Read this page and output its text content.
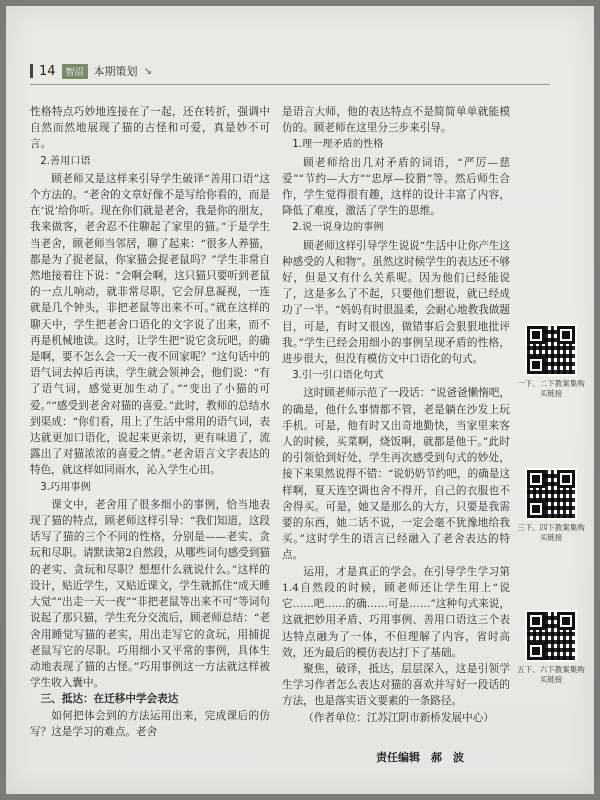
14	智沼 本期策划 ↘

性格特点巧妙地连接在了一起，还在转折，强调中自然而然地展现了猫的古怪和可爱，真是妙不可言。

2.善用口语

顾老师又是这样来引导学生破译“善用口语”这个方法的。“老舍的文章好像不是写给你看的，而是在‘说’给你听。现在你们就是老舍，我是你的朋友，我来做客，老舍忍不住聊起了家里的猫。”于是学生当老舍，顾老师当邻居，聊了起来：“很多人养猫，都是为了捉老鼠，你家猫会捉老鼠吗？”学生非常自然地接着往下说：“会啊会啊，这只猫只要听到老鼠的一点儿响动，就非常尽职，它会屏息凝视，一连就是几个钟头，非把老鼠等出来不可。”就在这样的聊天中，学生把老舍口语化的文字说了出来，而不再是机械地读。这时，让学生把“说它贪玩吧，的确是啊，要不怎么会一天一夜不回家呢？”这句话中的语气词去掉后再读，学生就会领神会，他们说：“有了语气词，感觉更加生动了。”“变出了小猫的可爱。”“感受到老舍对猫的喜爱。”此时，教师的总结水到渠成：“你们看，用上了生活中常用的语气词，表达就更加口语化，说起来更亲切，更有味道了，流露出了对猫浓浓的喜爱之情。”老舍语言文字表达的特色，就这样如同雨水，沁入学生心田。

3.巧用事例

课文中，老舍用了很多细小的事例，恰当地表现了猫的特点，顾老师这样引导：“我们知道，这段话写了猫的三个不同的性格，分别是——老实、贪玩和尽职。请默读第2自然段，从哪些词句感受到猫的老实、贪玩和尽职？想想什么就说什么。”这样的设计，贴近学生，又贴近课文，学生就抓住“成天睡大觉”“出走一天一夜”“非把老鼠等出来不可”等词句说起了那只猫，学生充分交流后，顾老师总结：“老舍用睡觉写猫的老实，用出走写它的贪玩，用捕捉老鼠写它的尽职。巧用细小又平常的事例，具体生动地表现了猫的古怪。”巧用事例这一方法就这样被学生收入囊中。

三、抵达：在迁移中学会表达

如何把体会到的方法运用出来，完成课后的仿写？这是学习的难点。老舍

是语言大师，他的表达特点不是简简单单就能模仿的。顾老师在这里分三步来引导。

1.理一理矛盾的性格

顾老师给出几对矛盾的词语，“严厉—慈爱”“节约—大方”“忠厚—狡猾”等。然后师生合作，学生觉得很有趣，这样的设计丰富了内容，降低了难度，激活了学生的思维。

2.说一说身边的事例

顾老师这样引导学生说说“生活中让你产生这种感受的人和物”。虽然这时候学生的表达还不够好，但是又有什么关系呢。因为他们已经能说了，这是多么了不起，只要他们想说，就已经成功了一半。“妈妈有时很温柔，会耐心地教我做题目，可是，有时又很凶，做错事后会狠狠地批评我。”学生已经会用细小的事例呈现矛盾的性格，进步很大，但没有模仿文中口语化的句式。

3.引一引口语化句式

这时顾老师示范了一段话：“说爸爸懒惰吧，的确是，他什么事情都不管，老是躺在沙发上玩手机。可是，他有时又出奇地勤快，当家里来客人的时候，买菜啊，烧饭啊，就都是他干。”此时的引领恰到好处，学生再次感受到句式的妙处，接下来果然说得不错：“说奶奶节约吧，的确是这样啊，夏天连空调也舍不得开，自己的衣服也不舍得买。可是，她又是那么的大方，只要是我需要的东西，她二话不说，一定会毫不犹豫地给我买。”这时学生的语言已经融入了老舍表达的特点。

运用，才是真正的学会。在引导学生学习第1.4自然段的时候，顾老师还让学生用上“说它……吧……的确……可是……”这种句式来说，这就把妙用矛盾、巧用事例、善用口语这三个表达特点融为了一体，不但理解了内容，省时高效，还为最后的模仿表达打下了基础。

聚焦，破译，抵达，层层深入，这是引领学生学习作者怎么表达对猫的喜欢并写好一段话的方法，也是落实语文要素的一条路径。

（作者单位：江苏江阴市新桥发展中心）

责任编辑　郝　波
一下、二下教案集购买链接
三下、四下教案集购买链接
五下、六下教案集购买链接
